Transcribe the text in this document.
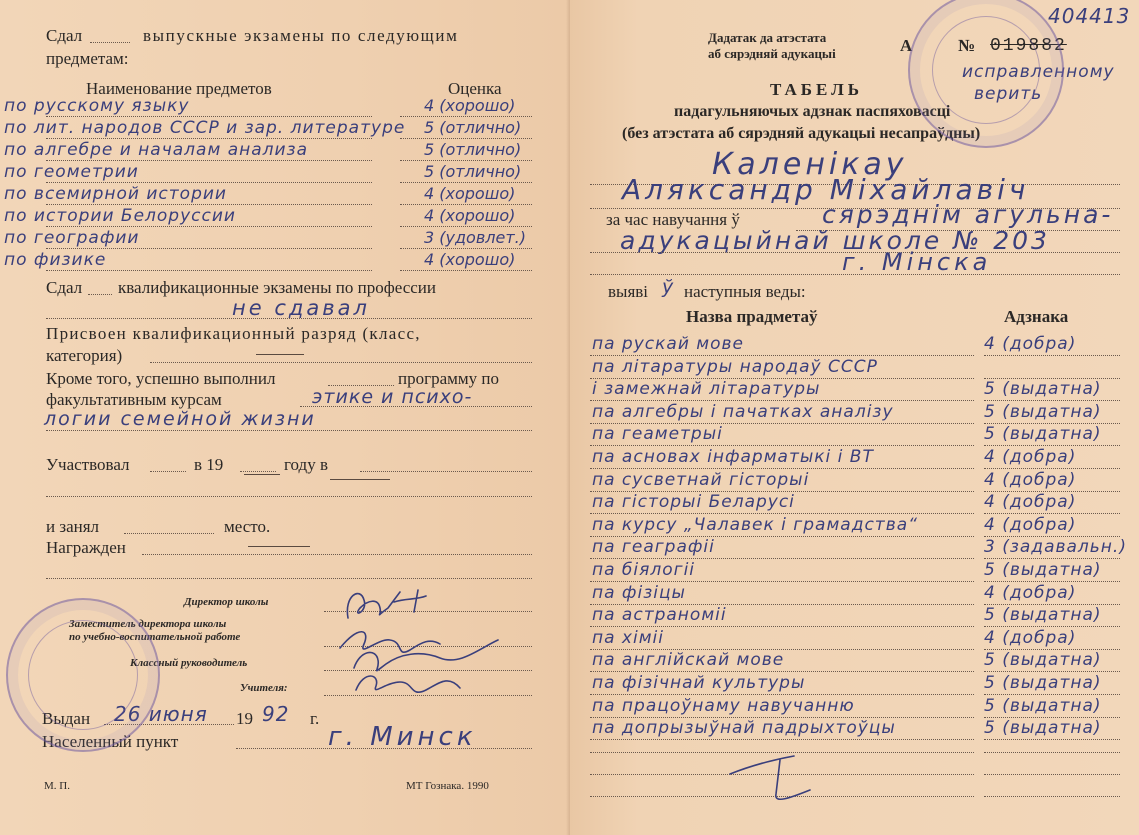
Сдал	выпускные экзамены по следующим
предметам:
Наименование предметов	Оценка
по русскому языку	4 (хорошо)
по лит. народов СССР и зар. литературе 5 (отлично)
по алгебре и началам анализа	5 (отлично)
по геометрии	5 (отлично)
по всемирной истории	4 (хорошо)
по истории Белоруссии	4 (хорошо)
по географии	3 (удовлет.)
по физике	4 (хорошо)
Сдал квалификационные экзамены по профессии
не сдавал
Присвоен квалификационный разряд (класс,
категория)
Кроме того, успешно выполнил	программу по
факультативным курсам	этике и психо-
логии семейной жизни
Участвовал	в 19	году в
и занял	место.
Награжден
Директор школы
Заместитель директора школы
по учебно-воспитательной работе
Классный руководитель
Учителя:
Выдан 26 июня 19 92 г.
Населенный пункт	г. Минск
М. П.	МТ Гознака. 1990
Дадатак да атэстата
аб сярэдняй адукацыі	А	№ 019882
404413
исправленному
верить
ТАБЕЛЬ
падагульняючых адзнак паспяховасці
(без атэстата аб сярэдняй адукацыі несапраўдны)
Каленiкау
Аляксандр Мiхайлавiч
за час навучання ў	сярэднiм агульна-
адукацыйнай школе № 203
г. Мiнска
выяві ў наступныя веды:
Назва прадметаў	Адзнака
па рускай мове	4 (добра)
па лiтаратуры народаў СССР
і замежнай лiтаратуры	5 (выдатна)
па алгебры і пачатках аналізу	5 (выдатна)
па геаметрыі	5 (выдатна)
па асновах інфарматыкі і ВТ	4 (добра)
па сусветнай гісторыі	4 (добра)
па гісторыі Беларусі	4 (добра)
па курсу „Чалавек і грамадства“	4 (добра)
па геаграфіі	3 (задавальн.)
па біялогіі	5 (выдатна)
па фізіцы	4 (добра)
па астраноміі	5 (выдатна)
па хіміі	4 (добра)
па англійскай мове	5 (выдатна)
па фізічнай культуры	5 (выдатна)
па працоўнаму навучанню	5 (выдатна)
па допрызыўнай падрыхтоўцы	5 (выдатна)
